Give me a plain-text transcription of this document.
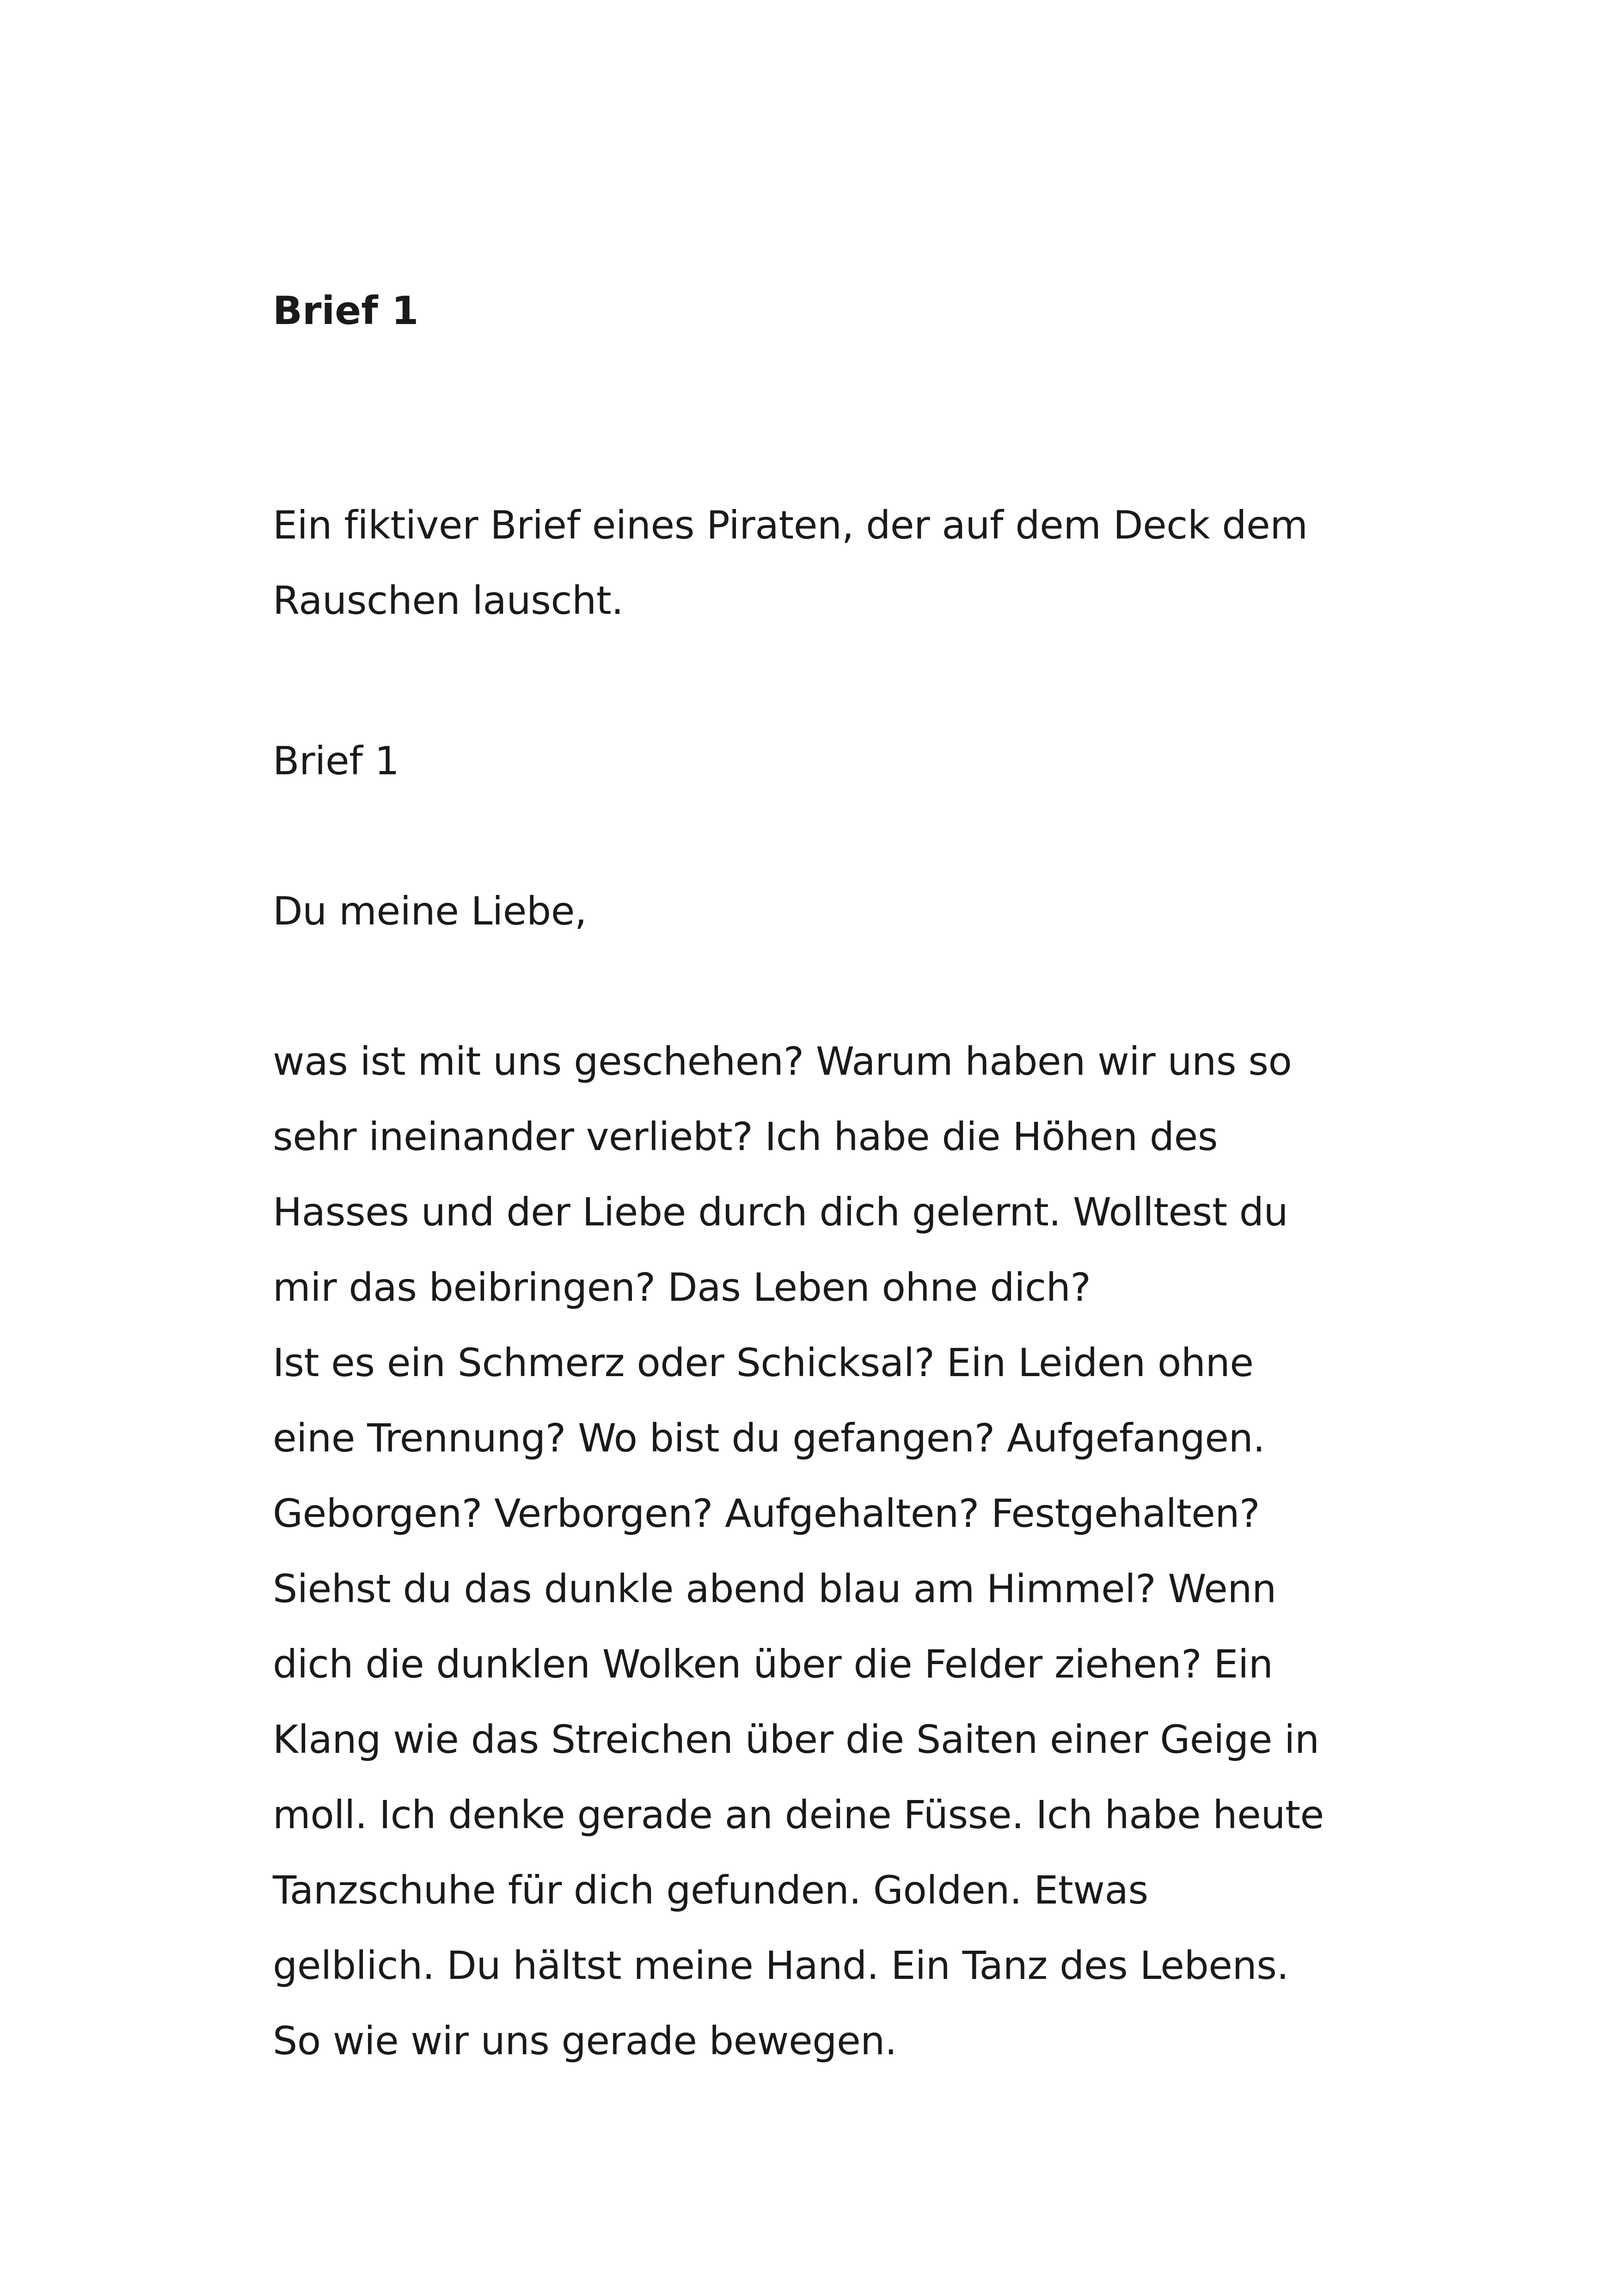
Brief 1

Ein fiktiver Brief eines Piraten, der auf dem Deck dem
Rauschen lauscht.

Brief 1

Du meine Liebe,

was ist mit uns geschehen? Warum haben wir uns so
sehr ineinander verliebt? Ich habe die Höhen des
Hasses und der Liebe durch dich gelernt. Wolltest du
mir das beibringen? Das Leben ohne dich?
Ist es ein Schmerz oder Schicksal? Ein Leiden ohne
eine Trennung? Wo bist du gefangen? Aufgefangen.
Geborgen? Verborgen? Aufgehalten? Festgehalten?
Siehst du das dunkle abend blau am Himmel? Wenn
dich die dunklen Wolken über die Felder ziehen? Ein
Klang wie das Streichen über die Saiten einer Geige in
moll. Ich denke gerade an deine Füsse. Ich habe heute
Tanzschuhe für dich gefunden. Golden. Etwas
gelblich. Du hältst meine Hand. Ein Tanz des Lebens.
So wie wir uns gerade bewegen.
